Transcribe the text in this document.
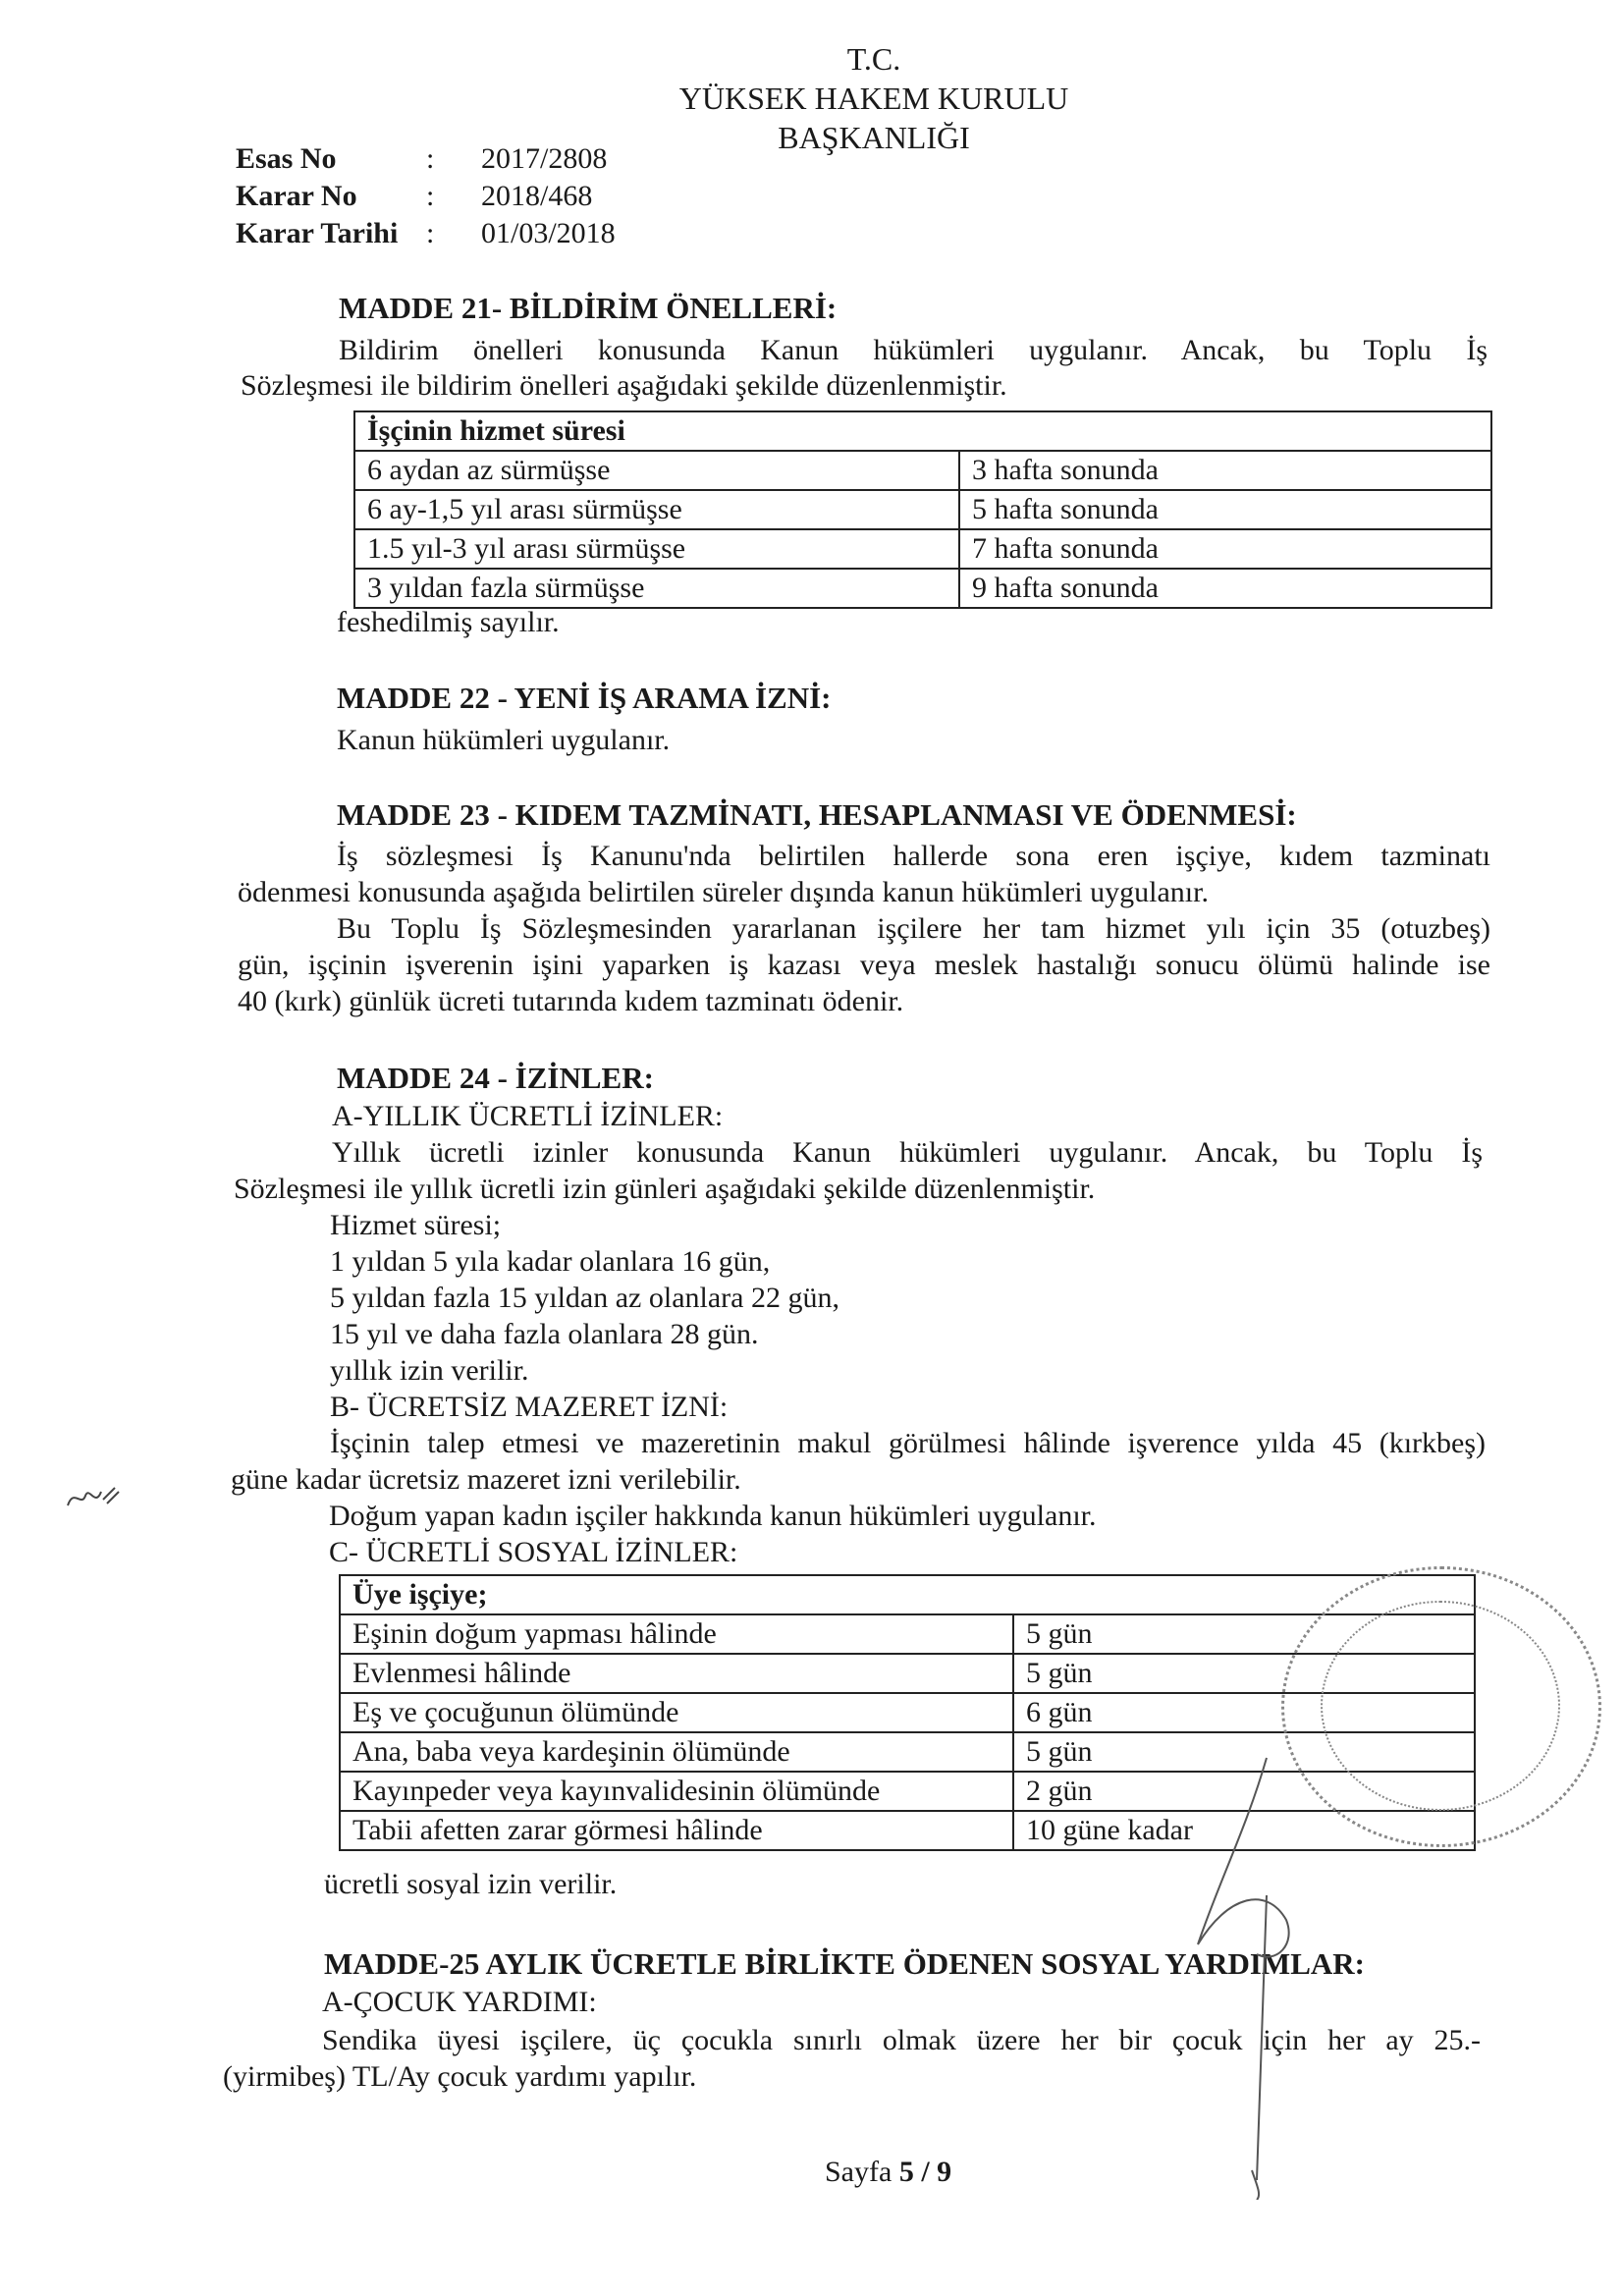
T.C.
YÜKSEK HAKEM KURULU
BAŞKANLIĞI
Esas No	:	2017/2808
Karar No	:	2018/468
Karar Tarihi	:	01/03/2018
MADDE 21- BİLDİRİM ÖNELLERİ:
Bildirim önelleri konusunda Kanun hükümleri uygulanır. Ancak, bu Toplu İş
Sözleşmesi ile bildirim önelleri aşağıdaki şekilde düzenlenmiştir.
İşçinin hizmet süresi	
6 aydan az sürmüşse	3 hafta sonunda
6 ay-1,5 yıl arası sürmüşse	5 hafta sonunda
1.5 yıl-3 yıl arası sürmüşse	7 hafta sonunda
3 yıldan fazla sürmüşse	9 hafta sonunda
feshedilmiş sayılır.
MADDE 22 - YENİ İŞ ARAMA İZNİ:
Kanun hükümleri uygulanır.
MADDE 23 - KIDEM TAZMİNATI, HESAPLANMASI VE ÖDENMESİ:
İş sözleşmesi İş Kanunu'nda belirtilen hallerde sona eren işçiye, kıdem tazminatı
ödenmesi konusunda aşağıda belirtilen süreler dışında kanun hükümleri uygulanır.
Bu Toplu İş Sözleşmesinden yararlanan işçilere her tam hizmet yılı için 35 (otuzbeş)
gün, işçinin işverenin işini yaparken iş kazası veya meslek hastalığı sonucu ölümü halinde ise
40 (kırk) günlük ücreti tutarında kıdem tazminatı ödenir.
MADDE 24 - İZİNLER:
A-YILLIK ÜCRETLİ İZİNLER:
Yıllık ücretli izinler konusunda Kanun hükümleri uygulanır. Ancak, bu Toplu İş
Sözleşmesi ile yıllık ücretli izin günleri aşağıdaki şekilde düzenlenmiştir.
Hizmet süresi;
1 yıldan 5 yıla kadar olanlara 16 gün,
5 yıldan fazla 15 yıldan az olanlara 22 gün,
15 yıl ve daha fazla olanlara 28 gün.
yıllık izin verilir.
B- ÜCRETSİZ MAZERET İZNİ:
İşçinin talep etmesi ve mazeretinin makul görülmesi hâlinde işverence yılda 45 (kırkbeş)
güne kadar ücretsiz mazeret izni verilebilir.
Doğum yapan kadın işçiler hakkında kanun hükümleri uygulanır.
C- ÜCRETLİ SOSYAL İZİNLER:
Üye işçiye;	
Eşinin doğum yapması hâlinde	5 gün
Evlenmesi hâlinde	5 gün
Eş ve çocuğunun ölümünde	6 gün
Ana, baba veya kardeşinin ölümünde	5 gün
Kayınpeder veya kayınvalidesinin ölümünde	2 gün
Tabii afetten zarar görmesi hâlinde	10 güne kadar
ücretli sosyal izin verilir.
MADDE-25 AYLIK ÜCRETLE BİRLİKTE ÖDENEN SOSYAL YARDIMLAR:
A-ÇOCUK YARDIMI:
Sendika üyesi işçilere, üç çocukla sınırlı olmak üzere her bir çocuk için her ay 25.-
(yirmibeş) TL/Ay çocuk yardımı yapılır.
Sayfa 5 / 9
